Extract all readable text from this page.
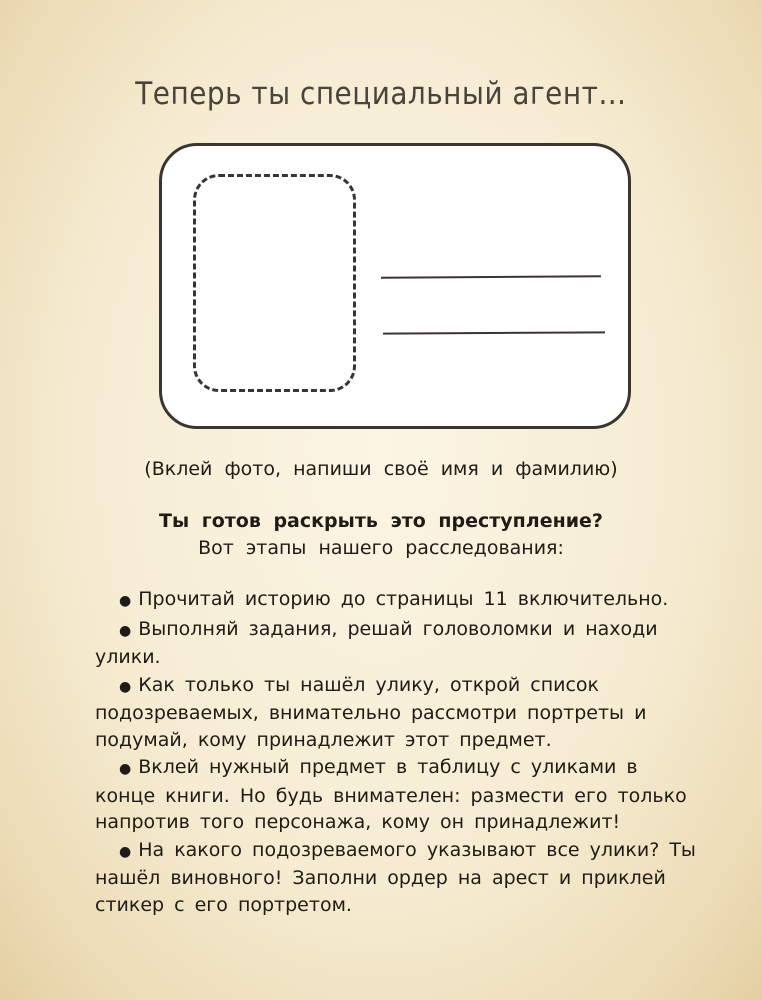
Теперь ты специальный агент…
(Вклей фото, напиши своё имя и фамилию)
Ты готов раскрыть это преступление?
Вот этапы нашего расследования:
● Прочитай историю до страницы 11 включительно.
● Выполняй задания, решай головоломки и находи улики.
● Как только ты нашёл улику, открой список подозреваемых, внимательно рассмотри портреты и подумай, кому принадлежит этот предмет.
● Вклей нужный предмет в таблицу с уликами в конце книги. Но будь внимателен: размести его только напротив того персонажа, кому он принадлежит!
● На какого подозреваемого указывают все улики? Ты нашёл виновного! Заполни ордер на арест и приклей стикер с его портретом.
